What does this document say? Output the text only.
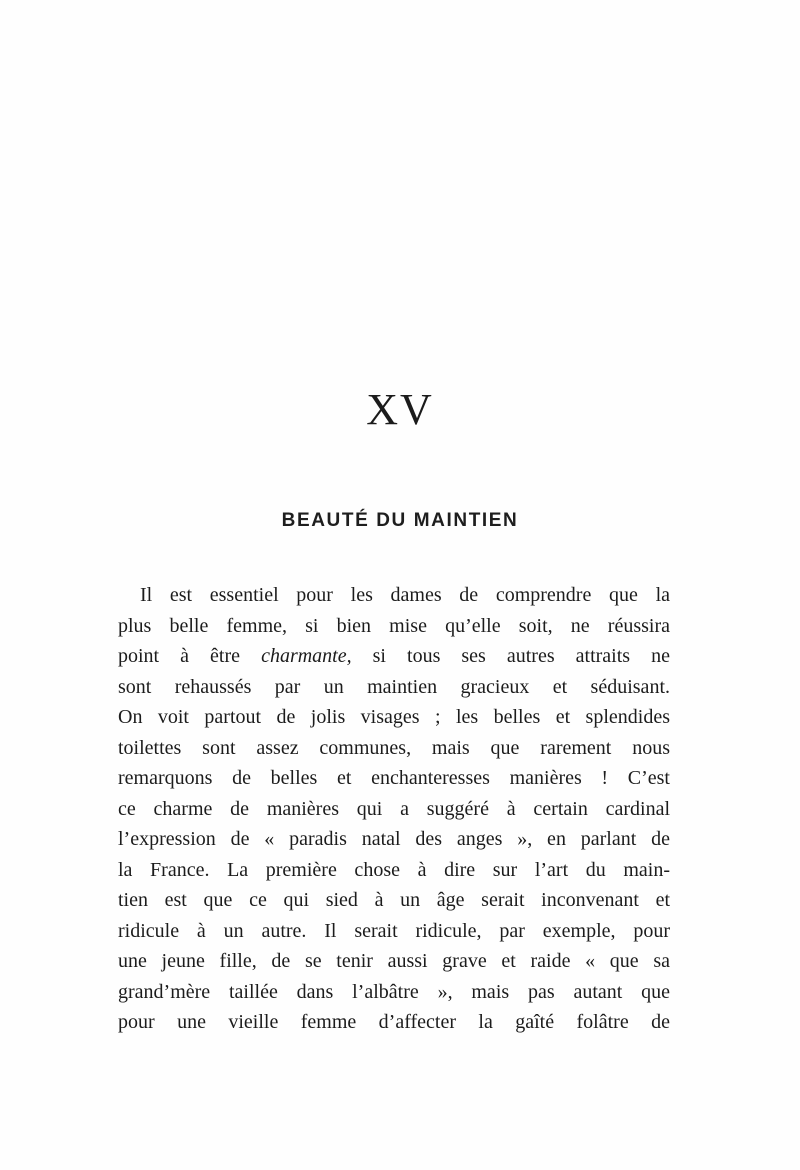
XV
BEAUTÉ DU MAINTIEN
Il est essentiel pour les dames de comprendre que la
plus belle femme, si bien mise qu’elle soit, ne réussira
point à être charmante, si tous ses autres attraits ne
sont rehaussés par un maintien gracieux et séduisant.
On voit partout de jolis visages ; les belles et splendides
toilettes sont assez communes, mais que rarement nous
remarquons de belles et enchanteresses manières ! C’est
ce charme de manières qui a suggéré à certain cardinal
l’expression de « paradis natal des anges », en parlant de
la France. La première chose à dire sur l’art du main-
tien est que ce qui sied à un âge serait inconvenant et
ridicule à un autre. Il serait ridicule, par exemple, pour
une jeune fille, de se tenir aussi grave et raide « que sa
grand’mère taillée dans l’albâtre », mais pas autant que
pour une vieille femme d’affecter la gaîté folâtre de
